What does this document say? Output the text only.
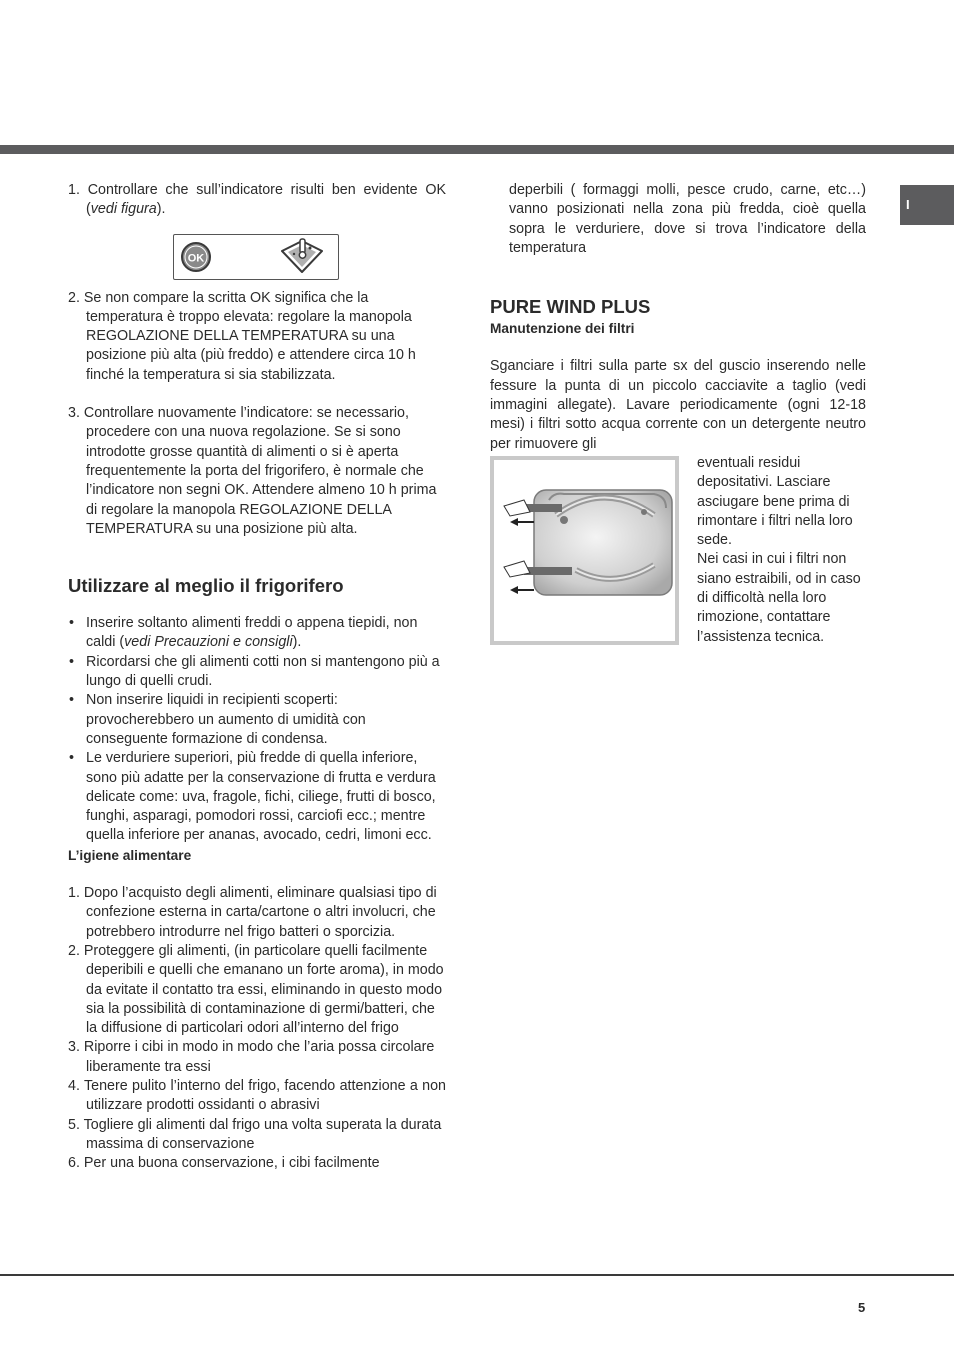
I

1. Controllare che sull’indicatore risulti ben evidente OK (vedi figura).

OK

2. Se non compare la scritta OK significa che la temperatura è troppo elevata: regolare la manopola REGOLAZIONE DELLA TEMPERATURA su una posizione più alta (più freddo) e attendere circa 10 h finché la temperatura si sia stabilizzata.

3. Controllare nuovamente l’indicatore: se necessario, procedere con una nuova regolazione. Se si sono introdotte grosse quantità di alimenti o si è aperta frequentemente la porta del frigorifero, è normale che l’indicatore non segni OK. Attendere almeno 10 h prima di regolare la manopola REGOLAZIONE DELLA TEMPERATURA su una posizione più alta.

Utilizzare al meglio il frigorifero
• Inserire soltanto alimenti freddi o appena tiepidi, non caldi (vedi Precauzioni e consigli).
• Ricordarsi che gli alimenti cotti non si mantengono più a lungo di quelli crudi.
• Non inserire liquidi in recipienti scoperti: provocherebbero un aumento di umidità con conseguente formazione di condensa.
• Le verduriere superiori, più fredde di quella inferiore, sono più adatte per la conservazione di frutta e verdura delicate come: uva, fragole, fichi, ciliege, frutti di bosco, funghi, asparagi, pomodori rossi, carciofi ecc.; mentre quella inferiore per ananas, avocado, cedri, limoni ecc.

L’igiene alimentare

1. Dopo l’acquisto degli alimenti, eliminare qualsiasi tipo di confezione esterna in carta/cartone o altri involucri, che potrebbero introdurre nel frigo batteri o sporcizia.
2. Proteggere gli alimenti, (in particolare quelli facilmente deperibili e quelli che emanano un forte aroma), in modo da evitate il contatto tra essi, eliminando in questo modo sia la possibilità di contaminazione di germi/batteri, che la diffusione di particolari odori all’interno del frigo
3. Riporre i cibi in modo in modo che l’aria possa circolare liberamente tra essi
4. Tenere pulito l’interno del frigo, facendo attenzione a non utilizzare prodotti ossidanti o abrasivi
5. Togliere gli alimenti dal frigo una volta superata la durata massima di conservazione
6. Per una buona conservazione, i cibi facilmente

deperbili ( formaggi molli, pesce crudo, carne, etc…) vanno posizionati nella zona più fredda, cioè quella sopra le verduriere, dove si trova l’indicatore della temperatura

PURE WIND PLUS

Manutenzione dei filtri

Sganciare i filtri sulla parte sx del guscio inserendo nelle fessure la punta di un piccolo cacciavite a taglio (vedi immagini allegate). Lavare periodicamente (ogni 12-18 mesi) i filtri sotto acqua corrente con un detergente neutro per rimuovere gli

eventuali residui depositativi. Lasciare asciugare bene prima di rimontare i filtri nella loro sede.

Nei casi in cui i filtri non siano estraibili, od in caso di difficoltà nella loro rimozione, contattare l’assistenza tecnica.

5
